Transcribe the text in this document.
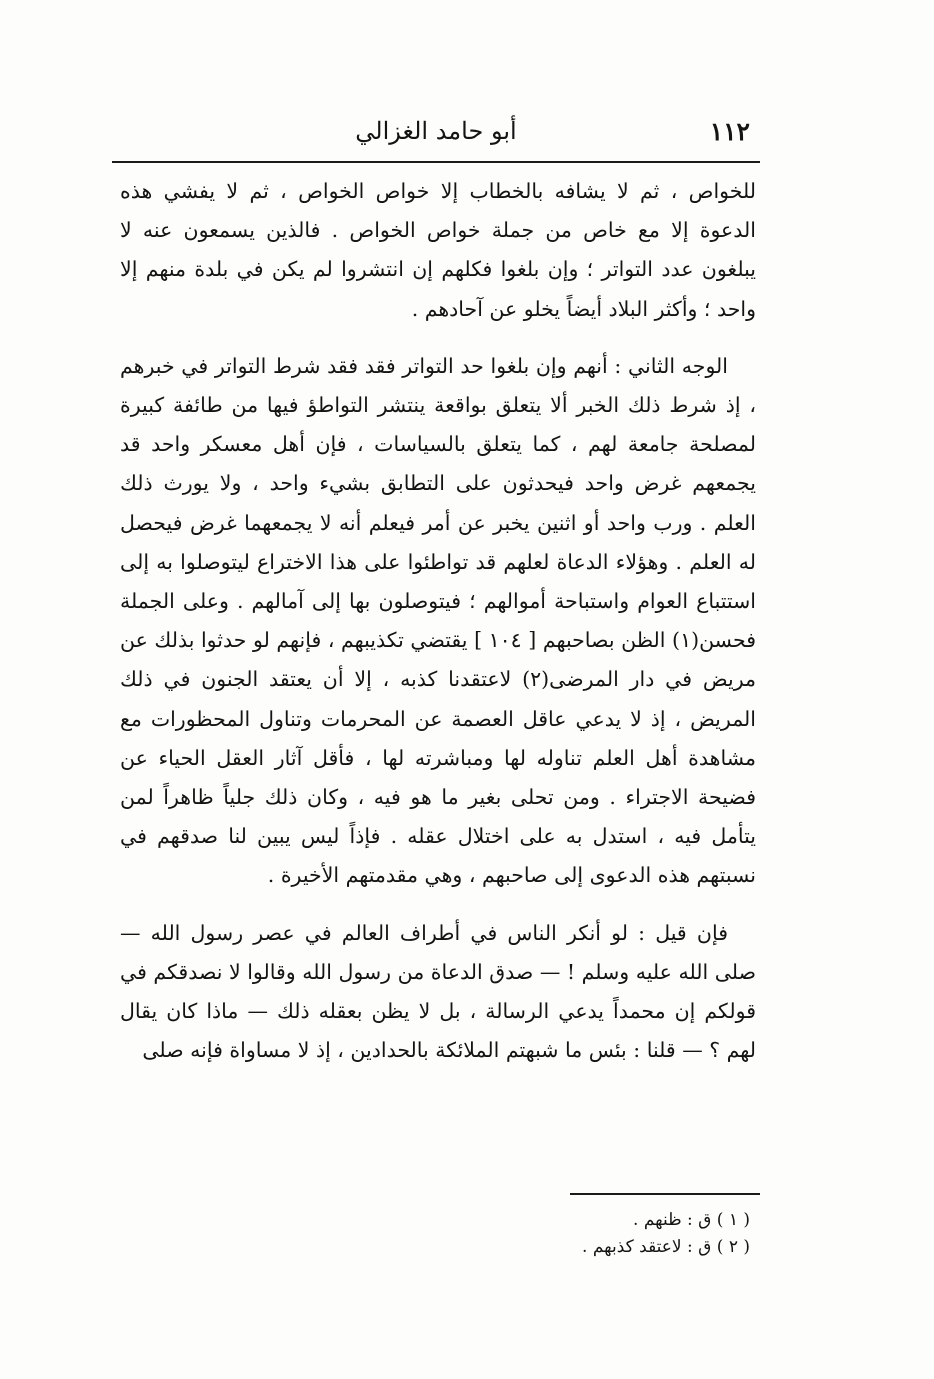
١١٢
أبو حامد الغزالي

للخواص ، ثم لا يشافه بالخطاب إلا خواص الخواص ، ثم لا يفشي هذه الدعوة إلا مع خاص من جملة خواص الخواص . فالذين يسمعون عنه لا يبلغون عدد التواتر ؛ وإن بلغوا فكلهم إن انتشروا لم يكن في بلدة منهم إلا واحد ؛ وأكثر البلاد أيضاً يخلو عن آحادهم .

الوجه الثاني : أنهم وإن بلغوا حد التواتر فقد فقد شرط التواتر في خبرهم ، إذ شرط ذلك الخبر ألا يتعلق بواقعة ينتشر التواطؤ فيها من طائفة كبيرة لمصلحة جامعة لهم ، كما يتعلق بالسياسات ، فإن أهل معسكر واحد قد يجمعهم غرض واحد فيحدثون على التطابق بشيء واحد ، ولا يورث ذلك العلم . ورب واحد أو اثنين يخبر عن أمر فيعلم أنه لا يجمعهما غرض فيحصل له العلم . وهؤلاء الدعاة لعلهم قد تواطئوا على هذا الاختراع ليتوصلوا به إلى استتباع العوام واستباحة أموالهم ؛ فيتوصلون بها إلى آمالهم . وعلى الجملة فحسن(١) الظن بصاحبهم [ ١٠٤ ] يقتضي تكذيبهم ، فإنهم لو حدثوا بذلك عن مريض في دار المرضى(٢) لاعتقدنا كذبه ، إلا أن يعتقد الجنون في ذلك المريض ، إذ لا يدعي عاقل العصمة عن المحرمات وتناول المحظورات مع مشاهدة أهل العلم تناوله لها ومباشرته لها ، فأقل آثار العقل الحياء عن فضيحة الاجتراء . ومن تحلى بغير ما هو فيه ، وكان ذلك جلياً ظاهراً لمن يتأمل فيه ، استدل به على اختلال عقله . فإذاً ليس يبين لنا صدقهم في نسبتهم هذه الدعوى إلى صاحبهم ، وهي مقدمتهم الأخيرة .

فإن قيل : لو أنكر الناس في أطراف العالم في عصر رسول الله — صلى الله عليه وسلم ! — صدق الدعاة من رسول الله وقالوا لا نصدقكم في قولكم إن محمداً يدعي الرسالة ، بل لا يظن بعقله ذلك — ماذا كان يقال لهم ؟ — قلنا : بئس ما شبهتم الملائكة بالحدادين ، إذ لا مساواة فإنه صلى

( ١ ) ق : ظنهم .
( ٢ ) ق : لاعتقد كذبهم .
